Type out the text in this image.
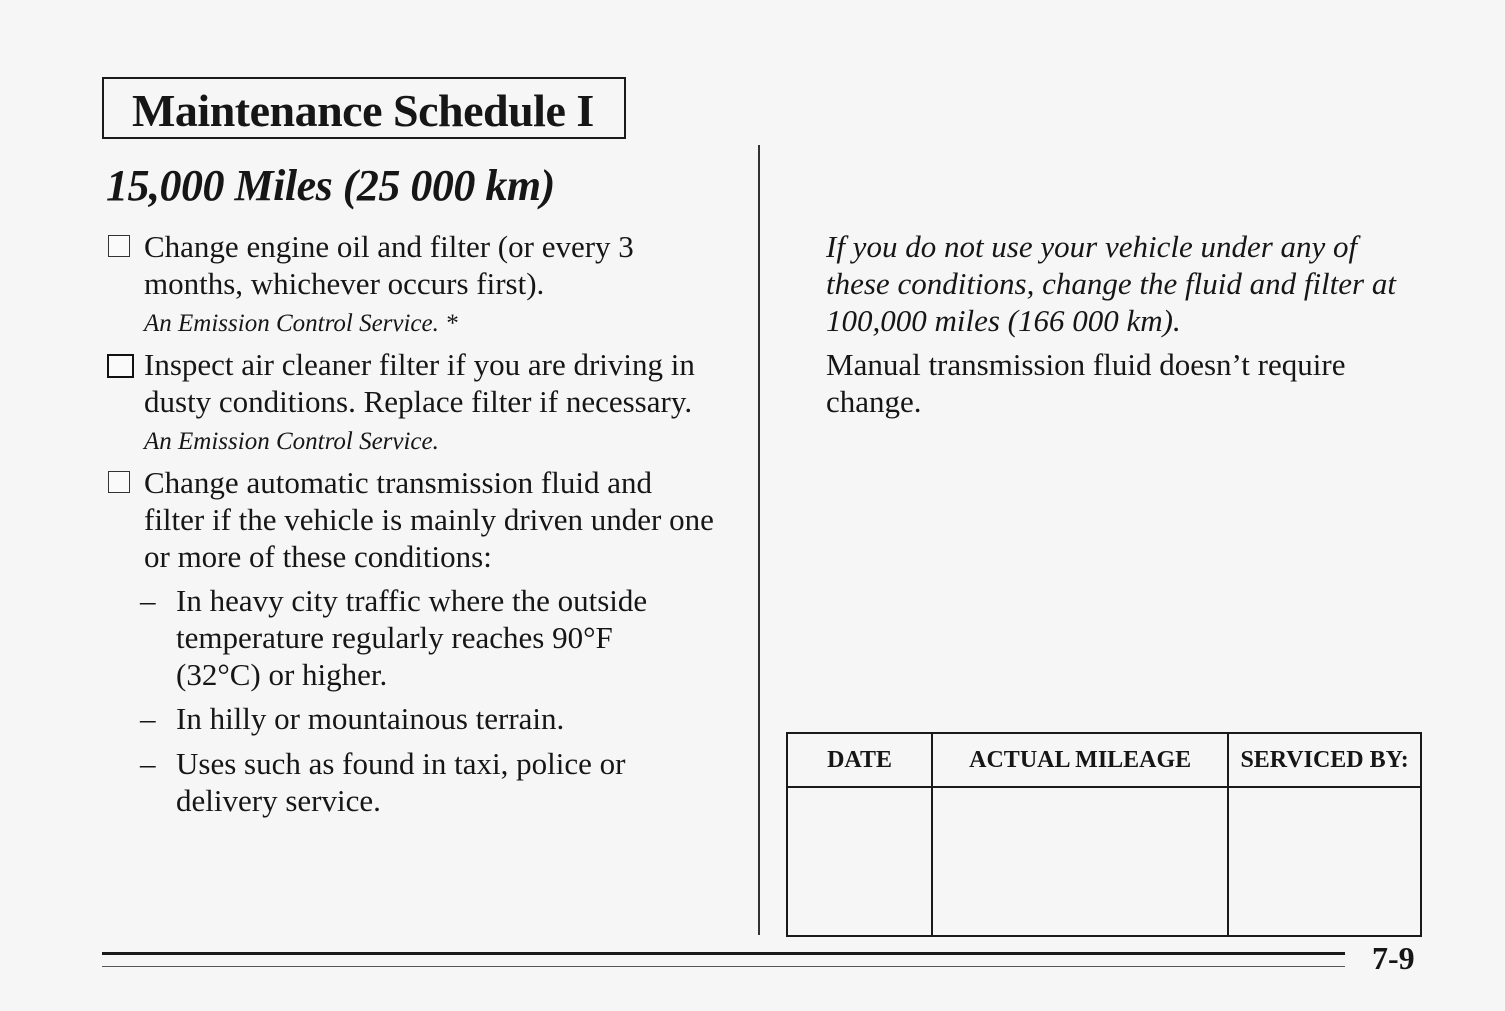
Maintenance Schedule I
15,000 Miles (25 000 km)
Change engine oil and filter (or every 3 months, whichever occurs first).
An Emission Control Service. *
Inspect air cleaner filter if you are driving in dusty conditions. Replace filter if necessary. An Emission Control Service.
Change automatic transmission fluid and filter if the vehicle is mainly driven under one or more of these conditions:
– In heavy city traffic where the outside temperature regularly reaches 90°F (32°C) or higher.
– In hilly or mountainous terrain.
– Uses such as found in taxi, police or delivery service.
If you do not use your vehicle under any of these conditions, change the fluid and filter at 100,000 miles (166 000 km).
Manual transmission fluid doesn’t require change.
DATE	ACTUAL MILEAGE	SERVICED BY:

7-9
